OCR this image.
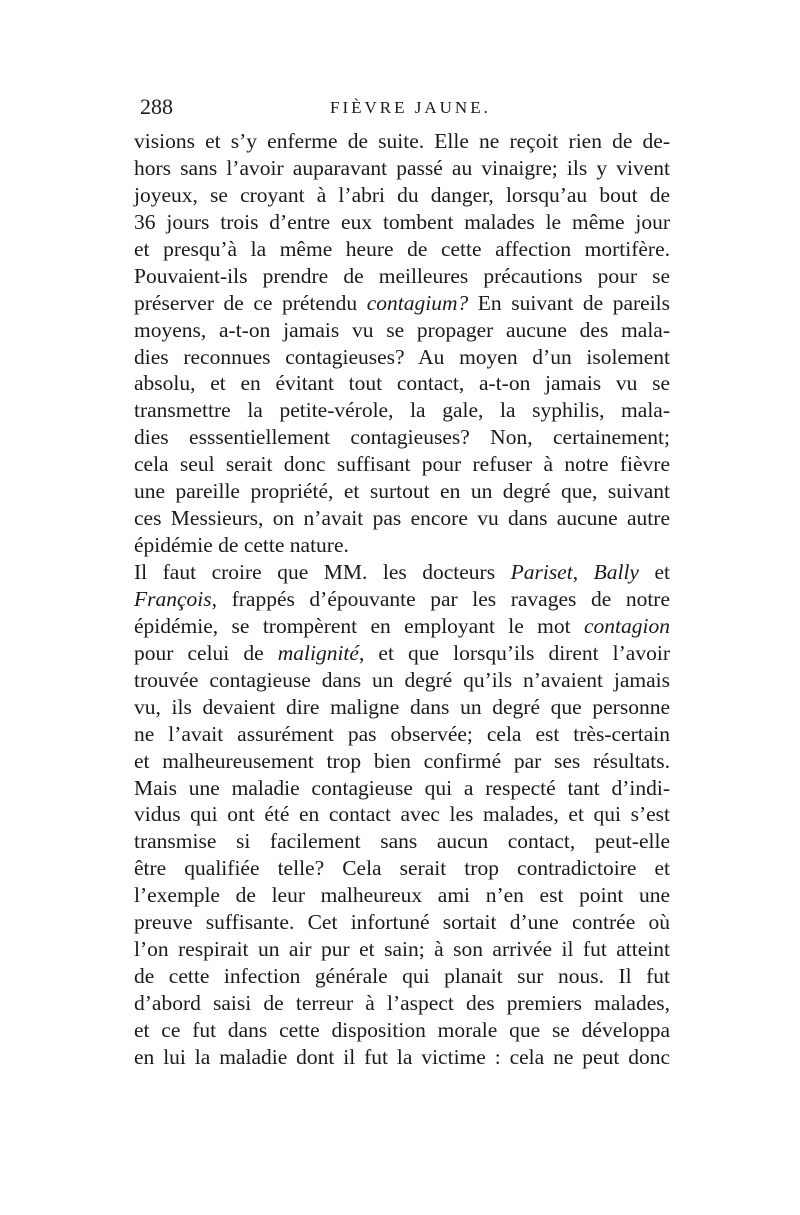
288	FIÈVRE JAUNE.
visions et s’y enferme de suite. Elle ne reçoit rien de de-
hors sans l’avoir auparavant passé au vinaigre; ils y vivent
joyeux, se croyant à l’abri du danger, lorsqu’au bout de
36 jours trois d’entre eux tombent malades le même jour
et presqu’à la même heure de cette affection mortifère.
Pouvaient-ils prendre de meilleures précautions pour se
préserver de ce prétendu contagium? En suivant de pareils
moyens, a-t-on jamais vu se propager aucune des mala-
dies reconnues contagieuses? Au moyen d’un isolement
absolu, et en évitant tout contact, a-t-on jamais vu se
transmettre la petite-vérole, la gale, la syphilis, mala-
dies esssentiellement contagieuses? Non, certainement;
cela seul serait donc suffisant pour refuser à notre fièvre
une pareille propriété, et surtout en un degré que, suivant
ces Messieurs, on n’avait pas encore vu dans aucune autre
épidémie de cette nature.
Il faut croire que MM. les docteurs Pariset, Bally et
François, frappés d’épouvante par les ravages de notre
épidémie, se trompèrent en employant le mot contagion
pour celui de malignité, et que lorsqu’ils dirent l’avoir
trouvée contagieuse dans un degré qu’ils n’avaient jamais
vu, ils devaient dire maligne dans un degré que personne
ne l’avait assurément pas observée; cela est très-certain
et malheureusement trop bien confirmé par ses résultats.
Mais une maladie contagieuse qui a respecté tant d’indi-
vidus qui ont été en contact avec les malades, et qui s’est
transmise si facilement sans aucun contact, peut-elle
être qualifiée telle? Cela serait trop contradictoire et
l’exemple de leur malheureux ami n’en est point une
preuve suffisante. Cet infortuné sortait d’une contrée où
l’on respirait un air pur et sain; à son arrivée il fut atteint
de cette infection générale qui planait sur nous. Il fut
d’abord saisi de terreur à l’aspect des premiers malades,
et ce fut dans cette disposition morale que se développa
en lui la maladie dont il fut la victime : cela ne peut donc
